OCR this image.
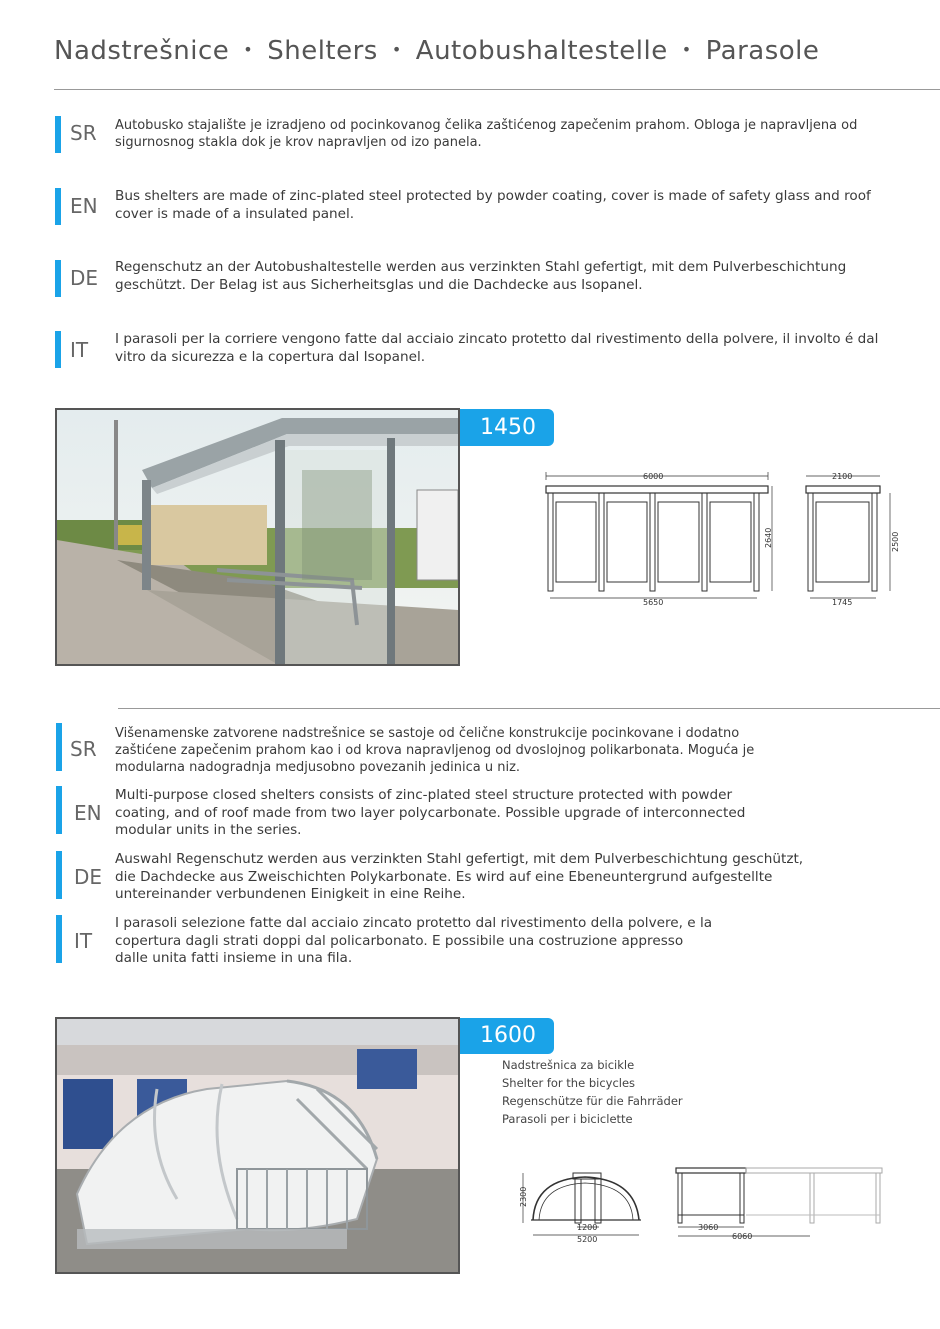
Nadstrešnice • Shelters • Autobushaltestelle • Parasole
SR Autobusko stajalište je izradjeno od pocinkovanog čelika zaštićenog zapečenim prahom. Obloga je napravljena od sigurnosnog stakla dok je krov napravljen od izo panela.
EN Bus shelters are made of zinc-plated steel protected by powder coating, cover is made of safety glass and roof cover is made of a insulated panel.
DE Regenschutz an der Autobushaltestelle werden aus verzinkten Stahl gefertigt, mit dem Pulverbeschichtung geschützt. Der Belag ist aus Sicherheitsglas und die Dachdecke aus Isopanel.
IT I parasoli per la corriere vengono fatte dal acciaio zincato protetto dal rivestimento della polvere, il involto é dal vitro da sicurezza e la copertura dal Isopanel.
1450
6000
5650
2640
2100
1745
2500
SR
Višenamenske zatvorene nadstrešnice se sastoje od čelične konstrukcije pocinkovane i dodatno zaštićene zapečenim prahom kao i od krova napravljenog od dvoslojnog polikarbonata. Moguća je modularna nadogradnja medjusobno povezanih jedinica u niz.
EN
Multi-purpose closed shelters consists of zinc-plated steel structure protected with powder coating, and of roof made from two layer polycarbonate. Possible upgrade of interconnected modular units in the series.
DE
Auswahl Regenschutz werden aus verzinkten Stahl gefertigt, mit dem Pulverbeschichtung geschützt, die Dachdecke aus Zweischichten Polykarbonate. Es wird auf eine Ebeneuntergrund aufgestellte untereinander verbundenen Einigkeit in eine Reihe.
IT
I parasoli selezione fatte dal acciaio zincato protetto dal rivestimento della polvere, e la copertura dagli strati doppi dal policarbonato. E possibile una costruzione appresso dalle unita fatti insieme in una fila.
1600
Nadstrešnica za bicikle
Shelter for the bicycles
Regenschütze für die Fahrräder
Parasoli per i biciclette
2300
1200
5200
3060
6060
